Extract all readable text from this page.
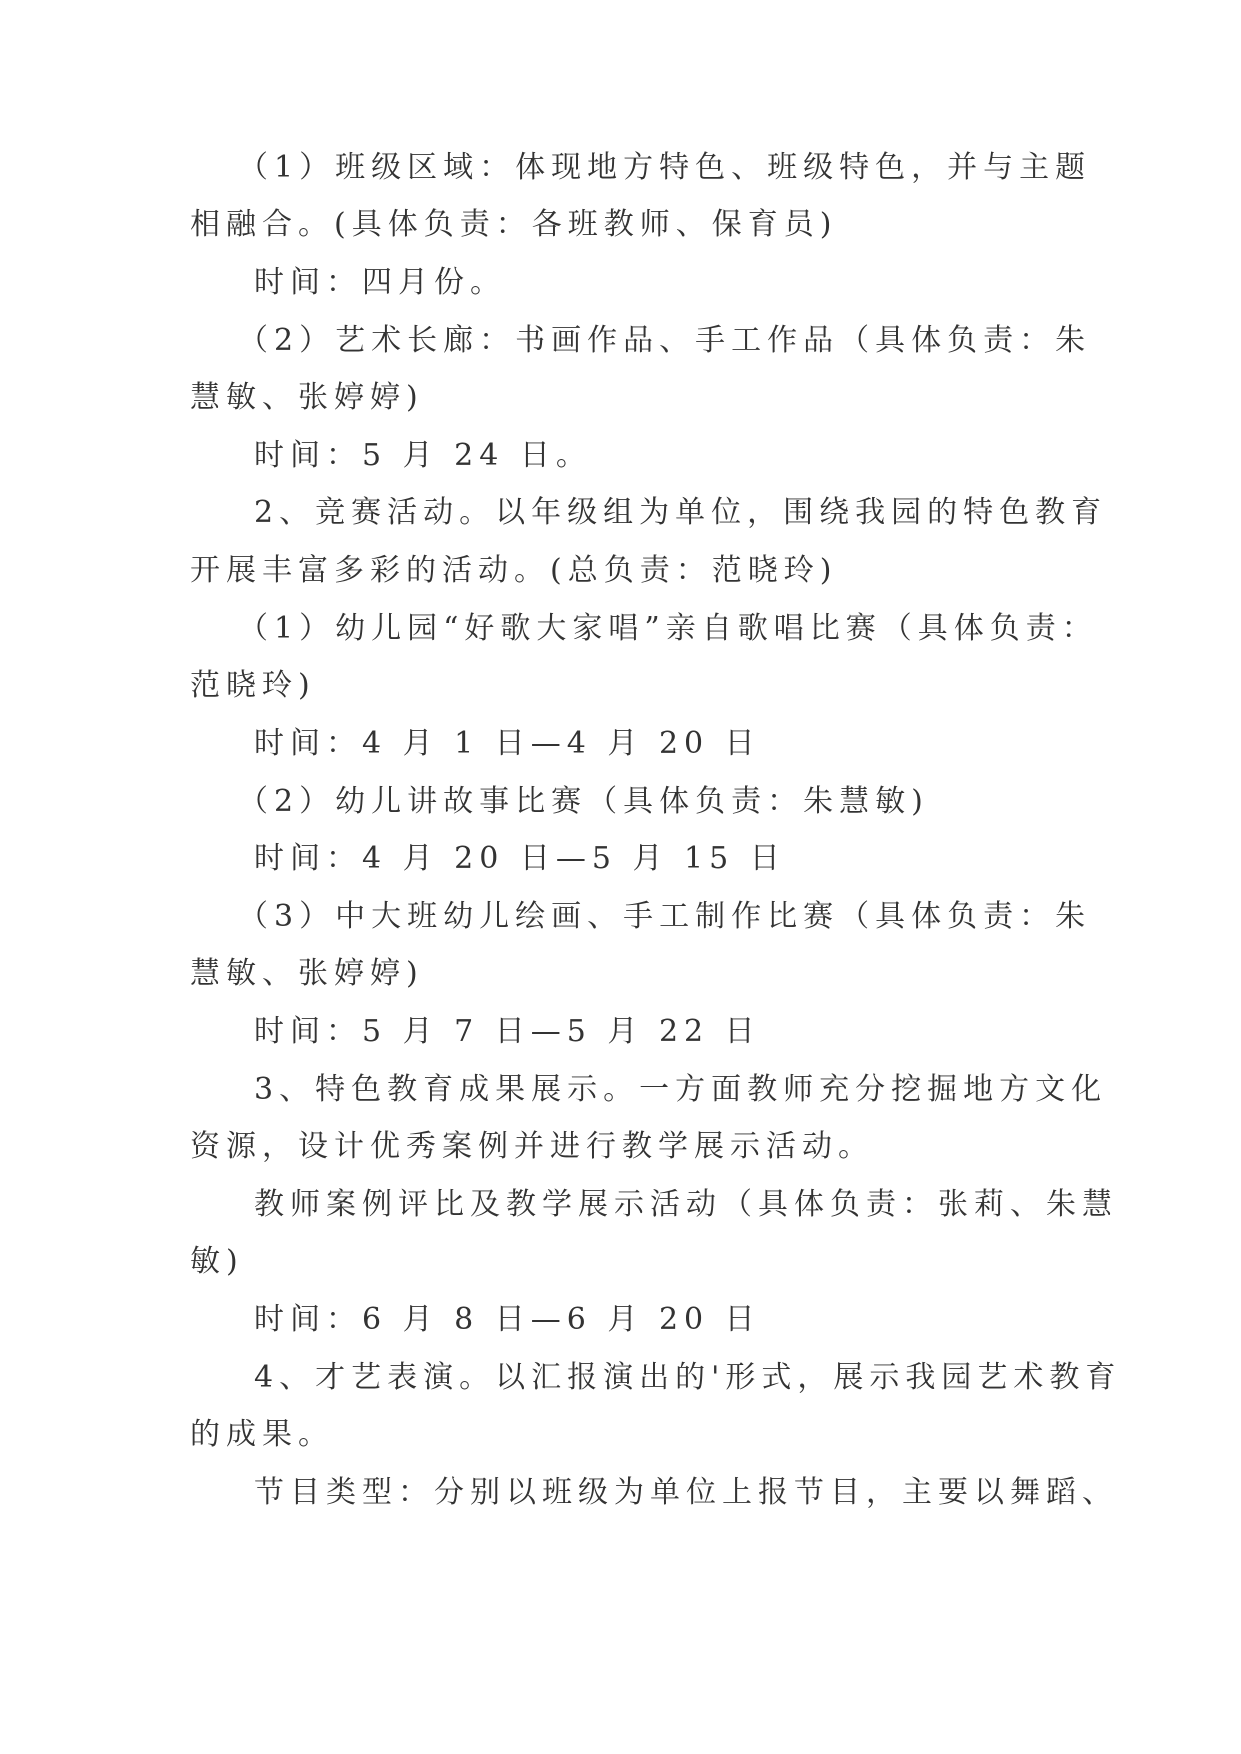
（1）班级区域：体现地方特色、班级特色，并与主题

相融合。(具体负责：各班教师、保育员)

时间：四月份。

（2）艺术长廊：书画作品、手工作品（具体负责：朱

慧敏、张婷婷)

时间：5 月 24 日。

2、竞赛活动。以年级组为单位，围绕我园的特色教育

开展丰富多彩的活动。(总负责：范晓玲)

（1）幼儿园“好歌大家唱”亲自歌唱比赛（具体负责：

范晓玲)

时间：4 月 1 日—4 月 20 日

（2）幼儿讲故事比赛（具体负责：朱慧敏)

时间：4 月 20 日—5 月 15 日

（3）中大班幼儿绘画、手工制作比赛（具体负责：朱

慧敏、张婷婷)

时间：5 月 7 日—5 月 22 日

3、特色教育成果展示。一方面教师充分挖掘地方文化

资源，设计优秀案例并进行教学展示活动。

教师案例评比及教学展示活动（具体负责：张莉、朱慧

敏)

时间：6 月 8 日—6 月 20 日

4、才艺表演。以汇报演出的'形式，展示我园艺术教育

的成果。

节目类型：分别以班级为单位上报节目，主要以舞蹈、
